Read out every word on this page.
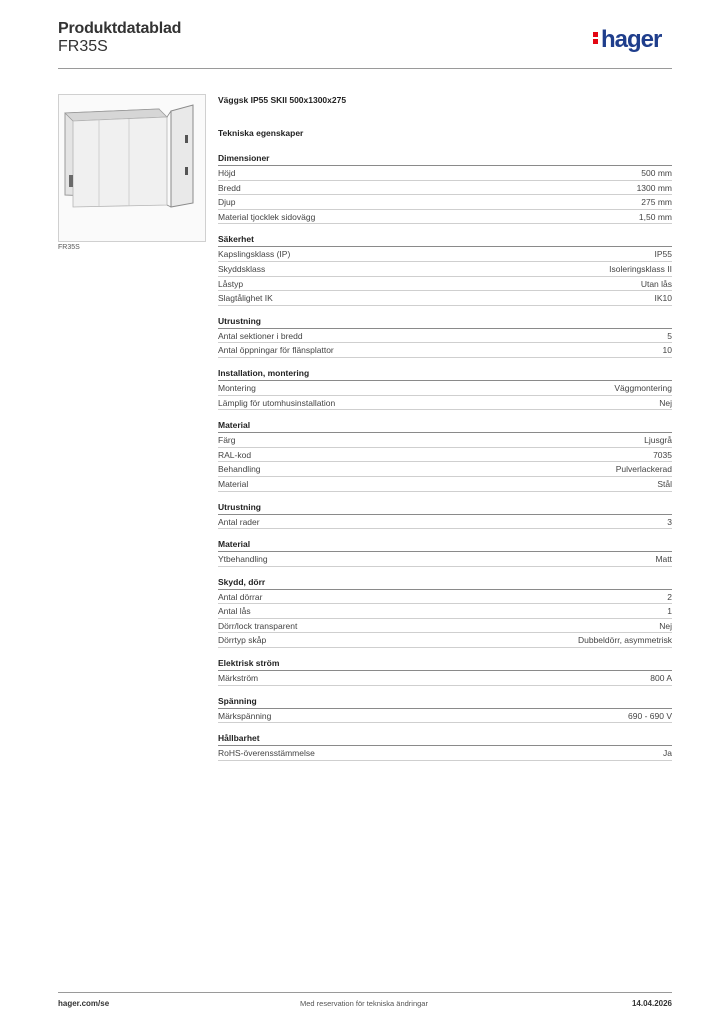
Produktdatablad
FR35S	hager
FR35S
Väggsk IP55 SKII 500x1300x275
Tekniska egenskaper
Dimensioner
Höjd	500 mm
Bredd	1300 mm
Djup	275 mm
Material tjocklek sidovägg	1,50 mm
Säkerhet
Kapslingsklass (IP)	IP55
Skyddsklass	Isoleringsklass II
Låstyp	Utan lås
Slagtålighet IK	IK10
Utrustning
Antal sektioner i bredd	5
Antal öppningar för flänsplattor	10
Installation, montering
Montering	Väggmontering
Lämplig för utomhusinstallation	Nej
Material
Färg	Ljusgrå
RAL-kod	7035
Behandling	Pulverlackerad
Material	Stål
Utrustning
Antal rader	3
Material
Ytbehandling	Matt
Skydd, dörr
Antal dörrar	2
Antal lås	1
Dörr/lock transparent	Nej
Dörrtyp skåp	Dubbeldörr, asymmetrisk
Elektrisk ström
Märkström	800 A
Spänning
Märkspänning	690 - 690 V
Hållbarhet
RoHS-överensstämmelse	Ja
hager.com/se	Med reservation för tekniska ändringar	14.04.2026
